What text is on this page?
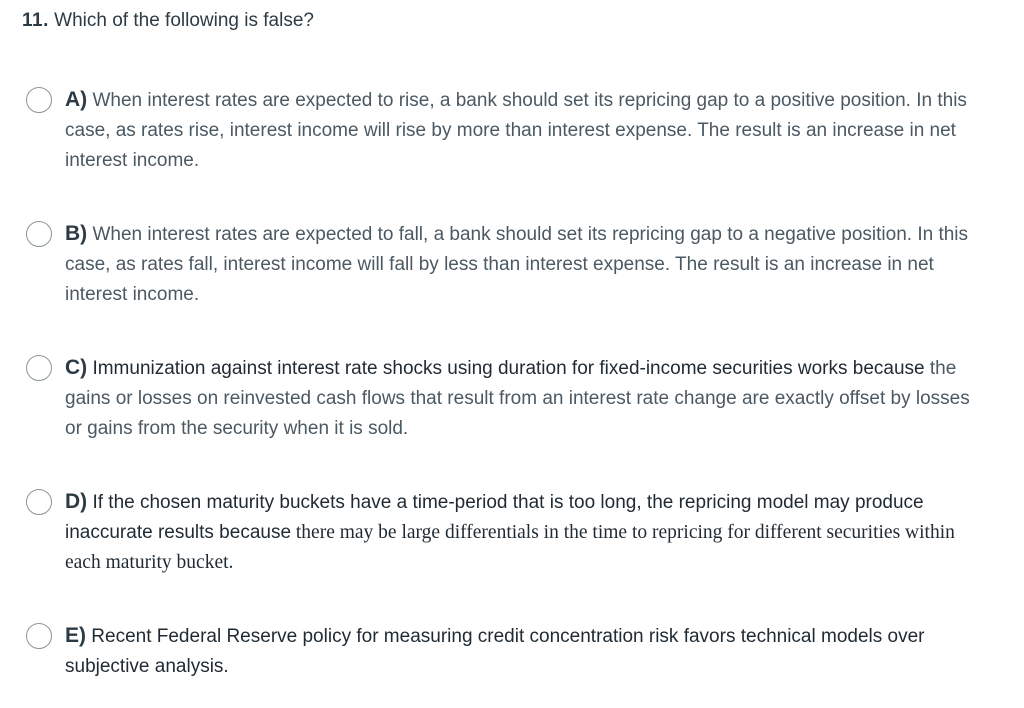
11. Which of the following is false?
A) When interest rates are expected to rise, a bank should set its repricing gap to a positive position. In this case, as rates rise, interest income will rise by more than interest expense. The result is an increase in net interest income.
B) When interest rates are expected to fall, a bank should set its repricing gap to a negative position. In this case, as rates fall, interest income will fall by less than interest expense. The result is an increase in net interest income.
C) Immunization against interest rate shocks using duration for fixed-income securities works because the gains or losses on reinvested cash flows that result from an interest rate change are exactly offset by losses or gains from the security when it is sold.
D) If the chosen maturity buckets have a time-period that is too long, the repricing model may produce inaccurate results because there may be large differentials in the time to repricing for different securities within each maturity bucket.
E) Recent Federal Reserve policy for measuring credit concentration risk favors technical models over subjective analysis.
